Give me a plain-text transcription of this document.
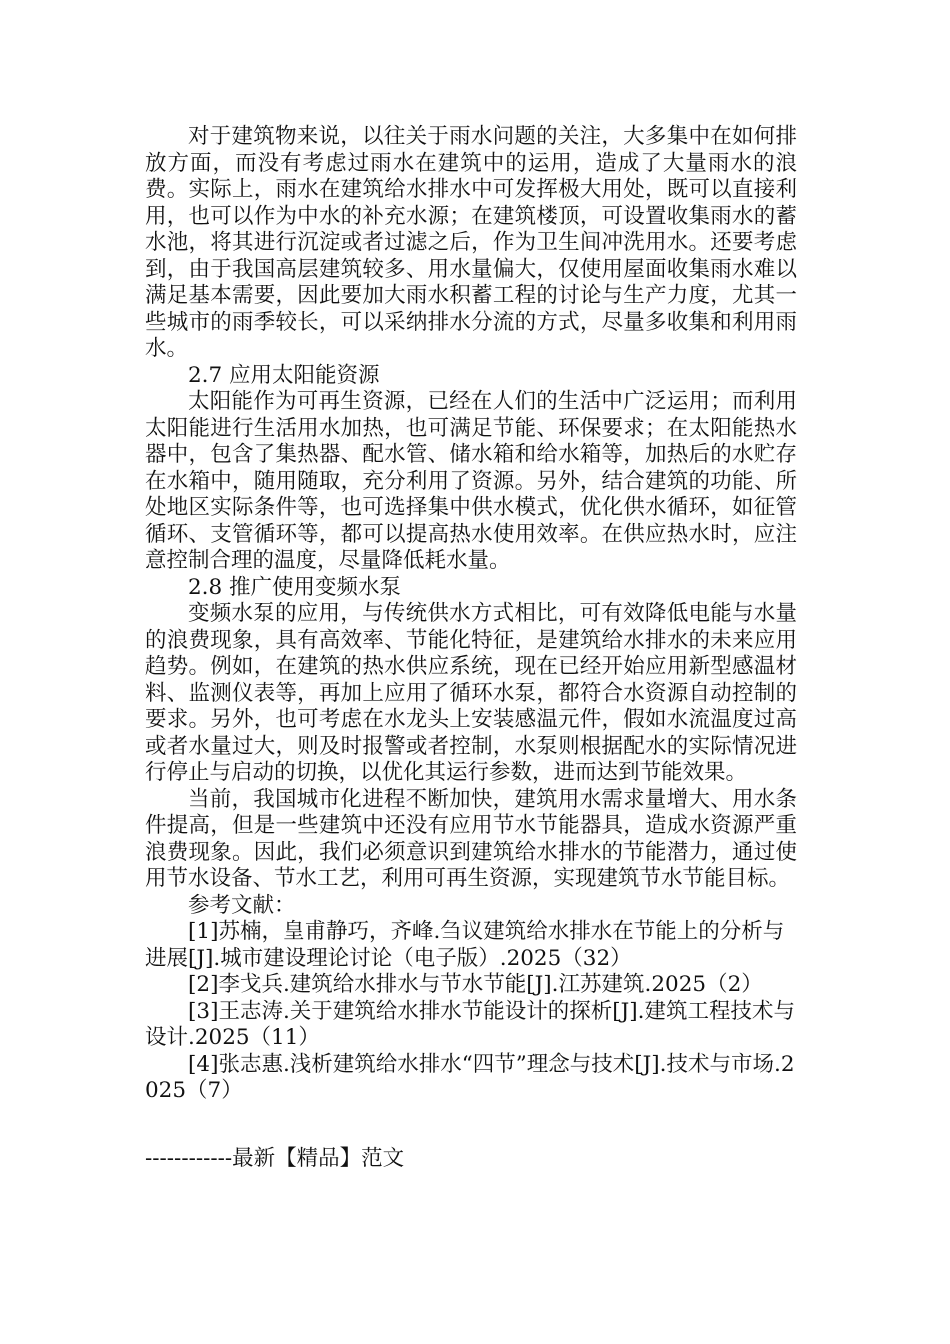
对于建筑物来说，以往关于雨水问题的关注，大多集中在如何排放方面，而没有考虑过雨水在建筑中的运用，造成了大量雨水的浪费。实际上，雨水在建筑给水排水中可发挥极大用处，既可以直接利用，也可以作为中水的补充水源；在建筑楼顶，可设置收集雨水的蓄水池，将其进行沉淀或者过滤之后，作为卫生间冲洗用水。还要考虑到，由于我国高层建筑较多、用水量偏大，仅使用屋面收集雨水难以满足基本需要，因此要加大雨水积蓄工程的讨论与生产力度，尤其一些城市的雨季较长，可以采纳排水分流的方式，尽量多收集和利用雨水。

2.7 应用太阳能资源

太阳能作为可再生资源，已经在人们的生活中广泛运用；而利用太阳能进行生活用水加热，也可满足节能、环保要求；在太阳能热水器中，包含了集热器、配水管、储水箱和给水箱等，加热后的水贮存在水箱中，随用随取，充分利用了资源。另外，结合建筑的功能、所处地区实际条件等，也可选择集中供水模式，优化供水循环，如征管循环、支管循环等，都可以提高热水使用效率。在供应热水时，应注意控制合理的温度，尽量降低耗水量。

2.8 推广使用变频水泵

变频水泵的应用，与传统供水方式相比，可有效降低电能与水量的浪费现象，具有高效率、节能化特征，是建筑给水排水的未来应用趋势。例如，在建筑的热水供应系统，现在已经开始应用新型感温材料、监测仪表等，再加上应用了循环水泵，都符合水资源自动控制的要求。另外，也可考虑在水龙头上安装感温元件，假如水流温度过高或者水量过大，则及时报警或者控制，水泵则根据配水的实际情况进行停止与启动的切换，以优化其运行参数，进而达到节能效果。

当前，我国城市化进程不断加快，建筑用水需求量增大、用水条件提高，但是一些建筑中还没有应用节水节能器具，造成水资源严重浪费现象。因此，我们必须意识到建筑给水排水的节能潜力，通过使用节水设备、节水工艺，利用可再生资源，实现建筑节水节能目标。

参考文献：

[1]苏楠，皇甫静巧，齐峰.刍议建筑给水排水在节能上的分析与进展[J].城市建设理论讨论（电子版）.2025（32）

[2]李戈兵.建筑给水排水与节水节能[J].江苏建筑.2025（2）

[3]王志涛.关于建筑给水排水节能设计的探析[J].建筑工程技术与设计.2025（11）

[4]张志惠.浅析建筑给水排水“四节”理念与技术[J].技术与市场.2025（7）

------------最新【精品】范文
